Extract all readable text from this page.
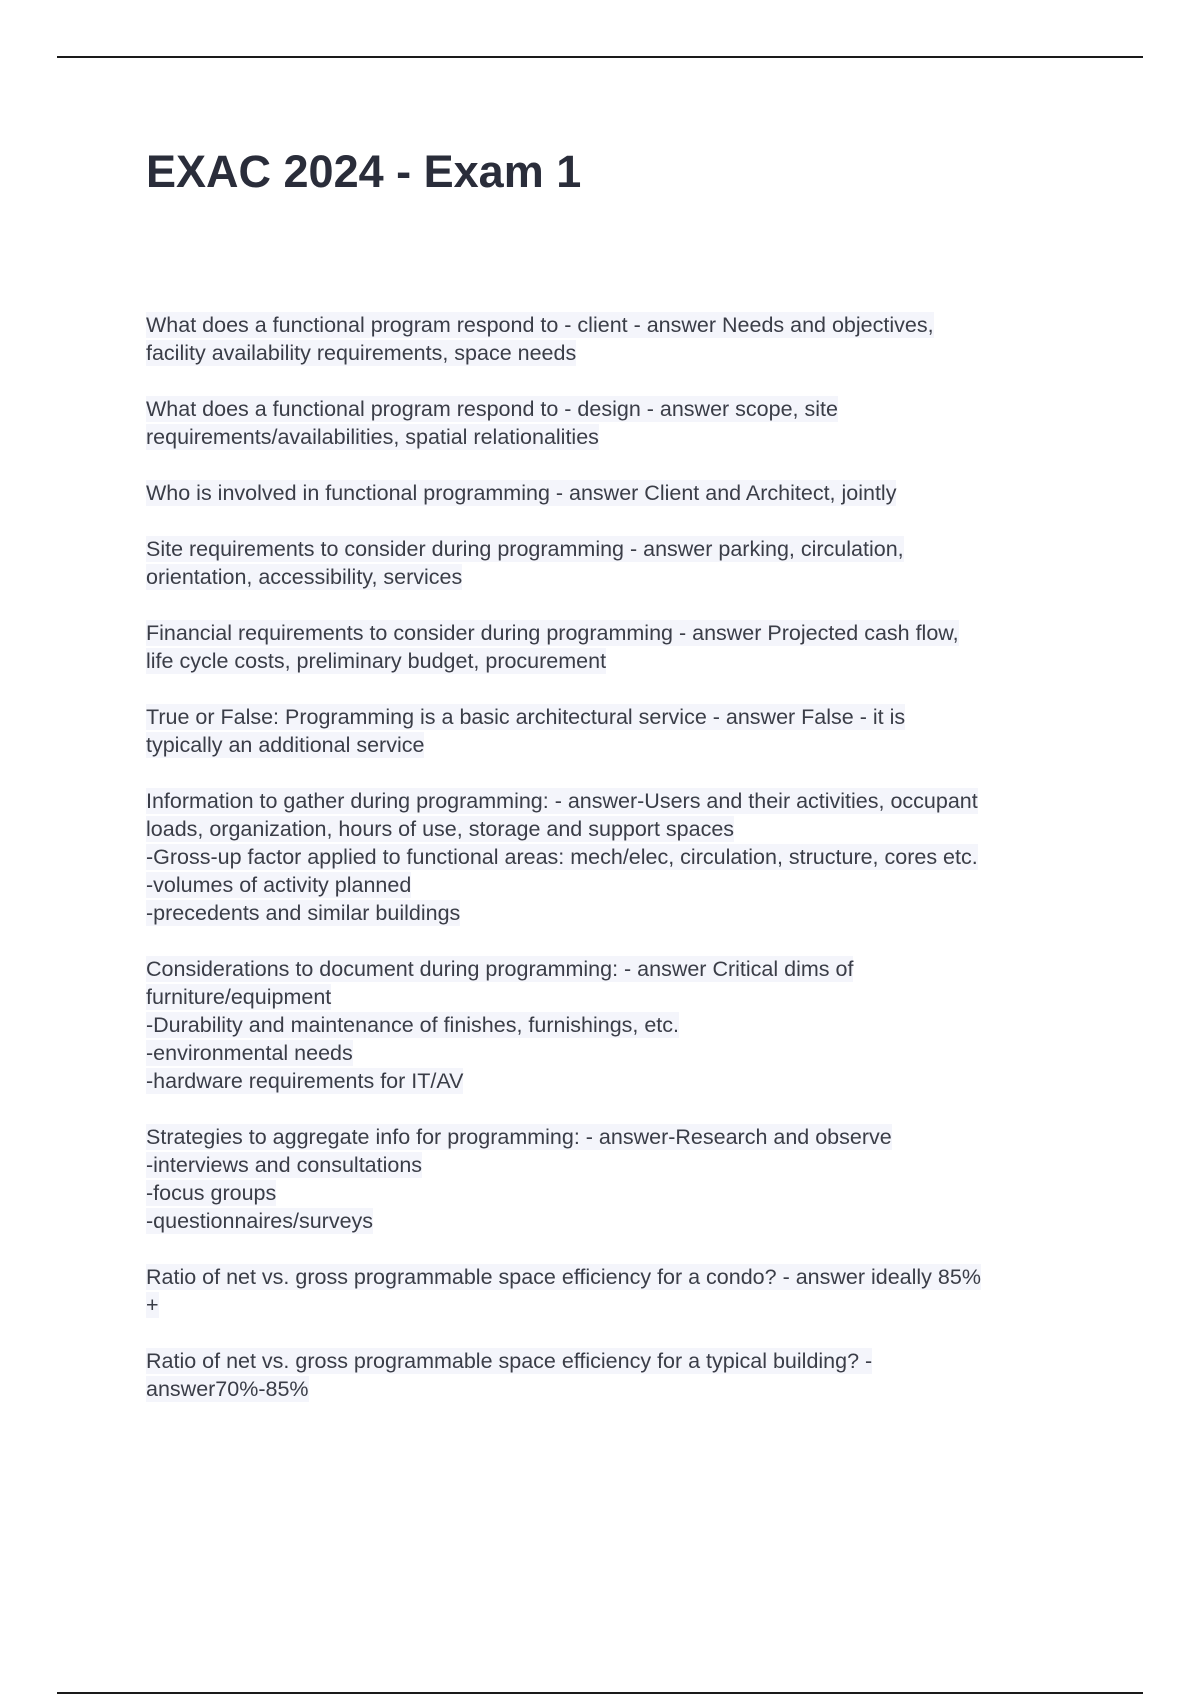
EXAC 2024 - Exam 1

What does a functional program respond to - client - answer Needs and objectives,
facility availability requirements, space needs

What does a functional program respond to - design - answer scope, site
requirements/availabilities, spatial relationalities

Who is involved in functional programming - answer Client and Architect, jointly

Site requirements to consider during programming - answer parking, circulation,
orientation, accessibility, services

Financial requirements to consider during programming - answer Projected cash flow,
life cycle costs, preliminary budget, procurement

True or False: Programming is a basic architectural service - answer False - it is
typically an additional service

Information to gather during programming: - answer-Users and their activities, occupant
loads, organization, hours of use, storage and support spaces
-Gross-up factor applied to functional areas: mech/elec, circulation, structure, cores etc.
-volumes of activity planned
-precedents and similar buildings

Considerations to document during programming: - answer Critical dims of
furniture/equipment
-Durability and maintenance of finishes, furnishings, etc.
-environmental needs
-hardware requirements for IT/AV

Strategies to aggregate info for programming: - answer-Research and observe
-interviews and consultations
-focus groups
-questionnaires/surveys

Ratio of net vs. gross programmable space efficiency for a condo? - answer ideally 85%
+

Ratio of net vs. gross programmable space efficiency for a typical building? -
answer70%-85%
